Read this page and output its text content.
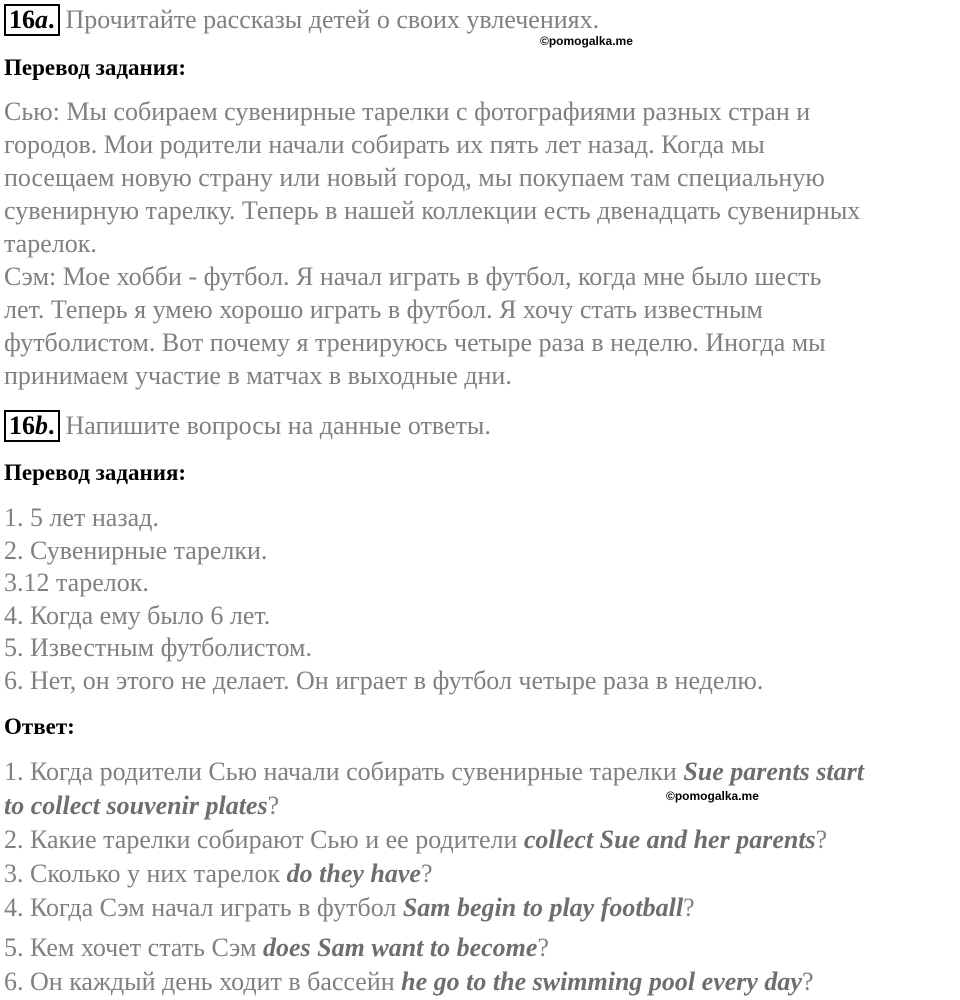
16a. Прочитайте рассказы детей о своих увлечениях.
©pomogalka.me
Перевод задания:
Сью: Мы собираем сувенирные тарелки с фотографиями разных стран и
городов. Мои родители начали собирать их пять лет назад. Когда мы
посещаем новую страну или новый город, мы покупаем там специальную
сувенирную тарелку. Теперь в нашей коллекции есть двенадцать сувенирных
тарелок.
Сэм: Мое хобби - футбол. Я начал играть в футбол, когда мне было шесть
лет. Теперь я умею хорошо играть в футбол. Я хочу стать известным
футболистом. Вот почему я тренируюсь четыре раза в неделю. Иногда мы
принимаем участие в матчах в выходные дни.
16b. Напишите вопросы на данные ответы.
Перевод задания:
1. 5 лет назад.
2. Сувенирные тарелки.
3.12 тарелок.
4. Когда ему было 6 лет.
5. Известным футболистом.
6. Нет, он этого не делает. Он играет в футбол четыре раза в неделю.
Ответ:
1. Когда родители Сью начали собирать сувенирные тарелки Sue parents start
to collect souvenir plates?
2. Какие тарелки собирают Сью и ее родители collect Sue and her parents?
3. Сколько у них тарелок do they have?
4. Когда Сэм начал играть в футбол Sam begin to play football?
5. Кем хочет стать Сэм does Sam want to become?
6. Он каждый день ходит в бассейн he go to the swimming pool every day?
©pomogalka.me
